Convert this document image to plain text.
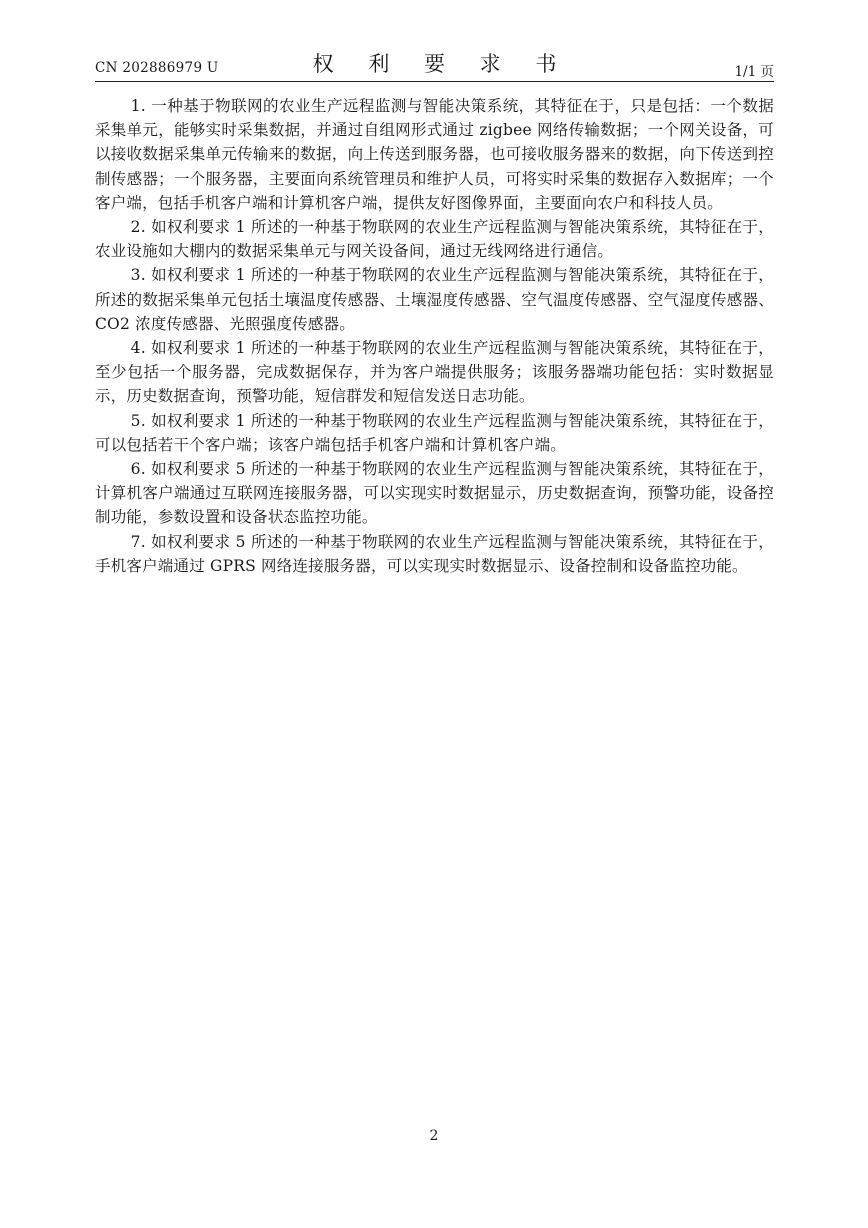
CN 202886979 U	权 利 要 求 书	1/1 页

1. 一种基于物联网的农业生产远程监测与智能决策系统，其特征在于，只是包括：一个数据采集单元，能够实时采集数据，并通过自组网形式通过 zigbee 网络传输数据；一个网关设备，可以接收数据采集单元传输来的数据，向上传送到服务器，也可接收服务器来的数据，向下传送到控制传感器；一个服务器，主要面向系统管理员和维护人员，可将实时采集的数据存入数据库；一个客户端，包括手机客户端和计算机客户端，提供友好图像界面，主要面向农户和科技人员。

2. 如权利要求 1 所述的一种基于物联网的农业生产远程监测与智能决策系统，其特征在于，农业设施如大棚内的数据采集单元与网关设备间，通过无线网络进行通信。

3. 如权利要求 1 所述的一种基于物联网的农业生产远程监测与智能决策系统，其特征在于，所述的数据采集单元包括土壤温度传感器、土壤湿度传感器、空气温度传感器、空气湿度传感器、CO2 浓度传感器、光照强度传感器。

4. 如权利要求 1 所述的一种基于物联网的农业生产远程监测与智能决策系统，其特征在于，至少包括一个服务器，完成数据保存，并为客户端提供服务；该服务器端功能包括：实时数据显示，历史数据查询，预警功能，短信群发和短信发送日志功能。

5. 如权利要求 1 所述的一种基于物联网的农业生产远程监测与智能决策系统，其特征在于，可以包括若干个客户端；该客户端包括手机客户端和计算机客户端。

6. 如权利要求 5 所述的一种基于物联网的农业生产远程监测与智能决策系统，其特征在于，计算机客户端通过互联网连接服务器，可以实现实时数据显示，历史数据查询，预警功能，设备控制功能，参数设置和设备状态监控功能。

7. 如权利要求 5 所述的一种基于物联网的农业生产远程监测与智能决策系统，其特征在于，手机客户端通过 GPRS 网络连接服务器，可以实现实时数据显示、设备控制和设备监控功能。

2
